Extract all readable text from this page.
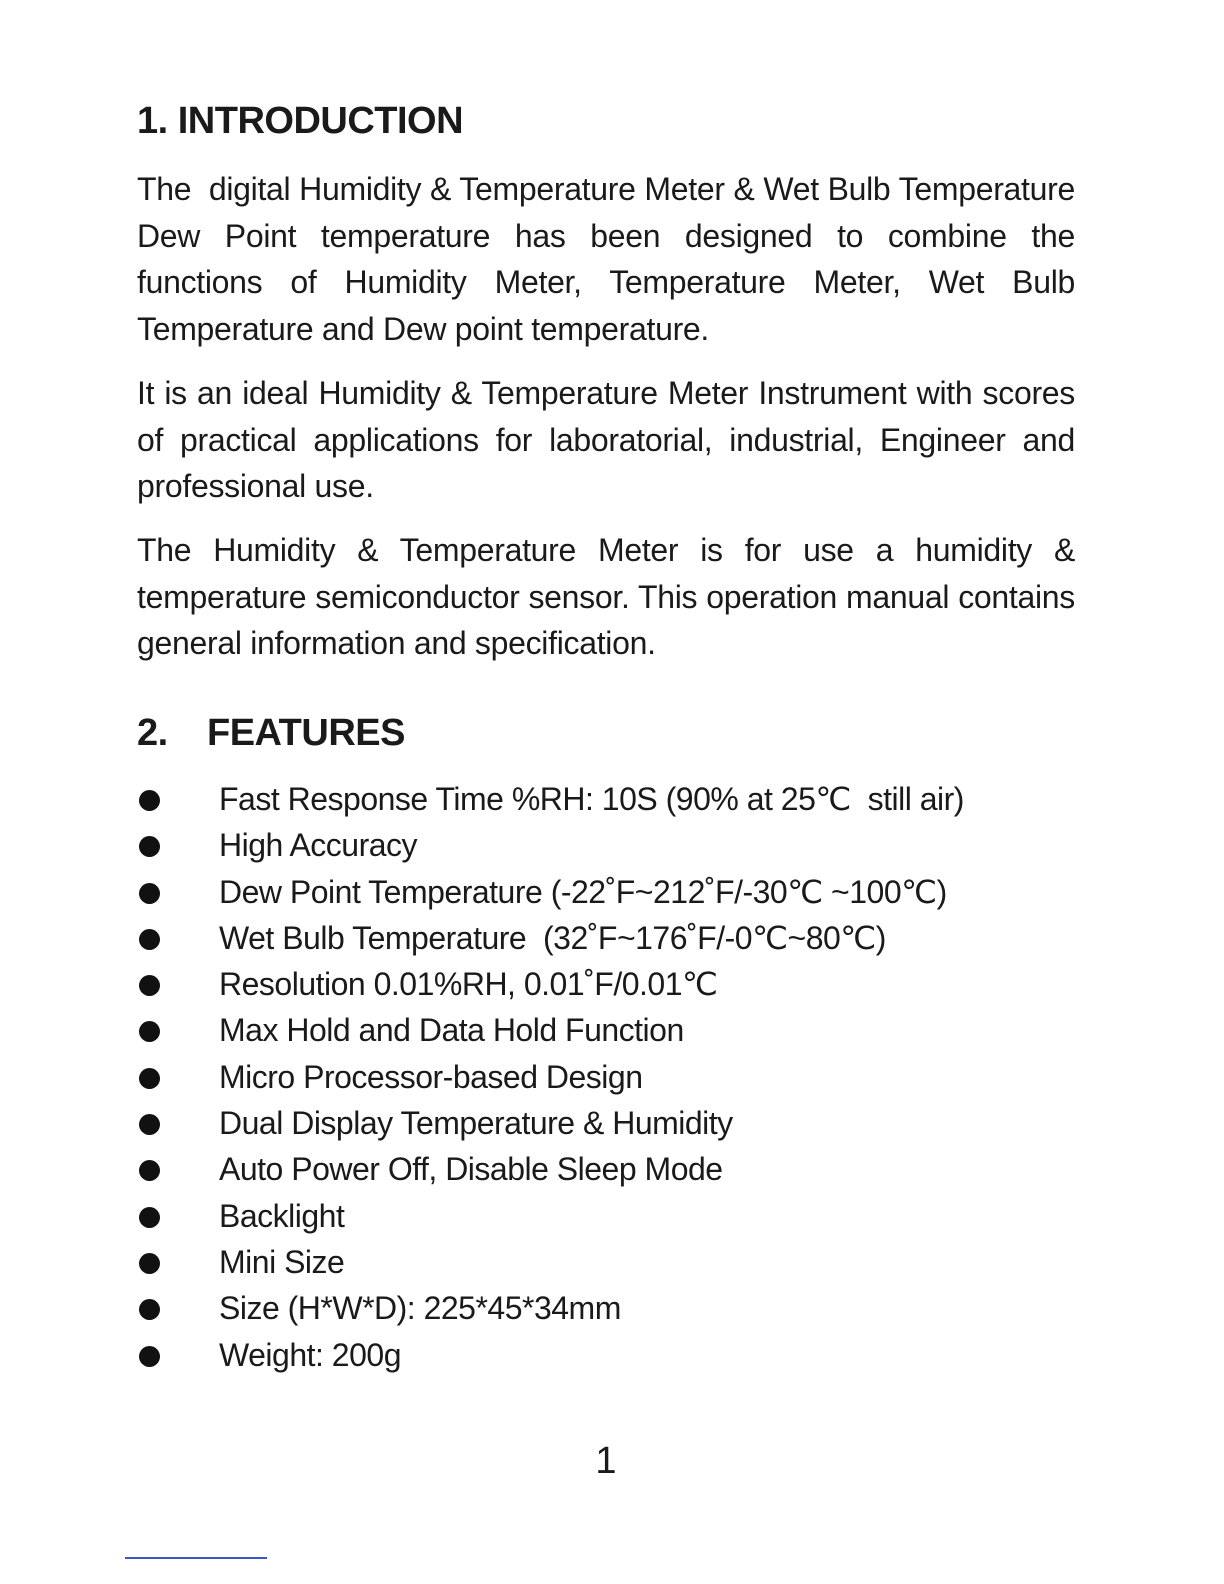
1. INTRODUCTION

The  digital Humidity & Temperature Meter & Wet Bulb Temperature Dew Point temperature has been designed to combine the functions of Humidity Meter, Temperature Meter, Wet Bulb Temperature and Dew point temperature.

It is an ideal Humidity & Temperature Meter Instrument with scores of practical applications for laboratorial, industrial, Engineer and  professional use.

The Humidity & Temperature Meter is for use a humidity & temperature semiconductor sensor. This operation manual contains general information and specification.

2. FEATURES
Fast Response Time %RH: 10S (90% at 25℃  still air)
High Accuracy
Dew Point Temperature (-22˚F~212˚F/-30℃ ~100℃)
Wet Bulb Temperature  (32˚F~176˚F/-0℃~80℃)
Resolution 0.01%RH, 0.01˚F/0.01℃
Max Hold and Data Hold Function
Micro Processor-based Design
Dual Display Temperature & Humidity
Auto Power Off, Disable Sleep Mode
Backlight
Mini Size
Size (H*W*D): 225*45*34mm
Weight: 200g
1
